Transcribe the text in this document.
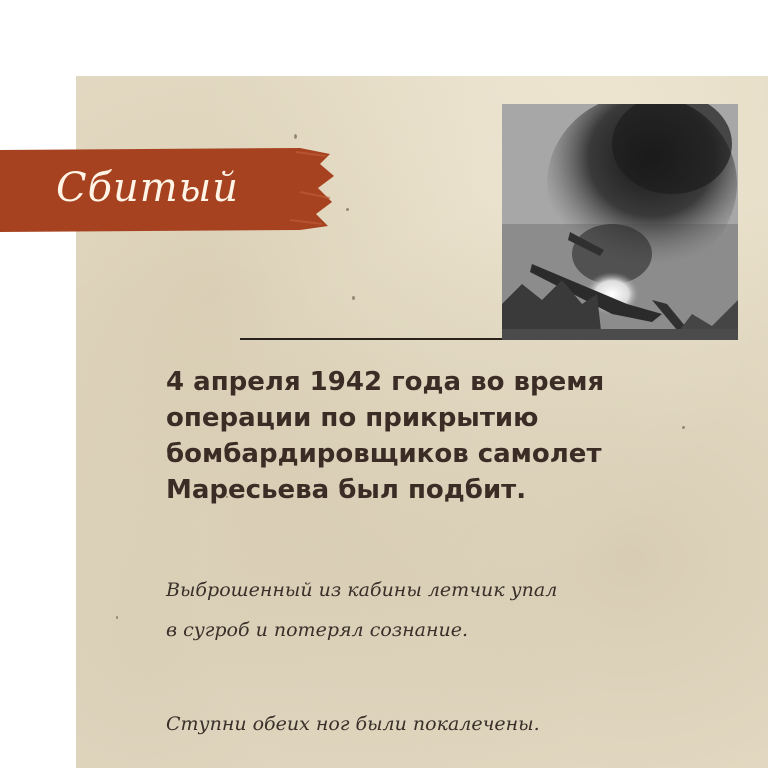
Сбитый
4 апреля 1942 года во время
операции по прикрытию
бомбардировщиков самолет
Маресьева был подбит.
Выброшенный из кабины летчик упал
в сугроб и потерял сознание.
Ступни обеих ног были покалечены.
